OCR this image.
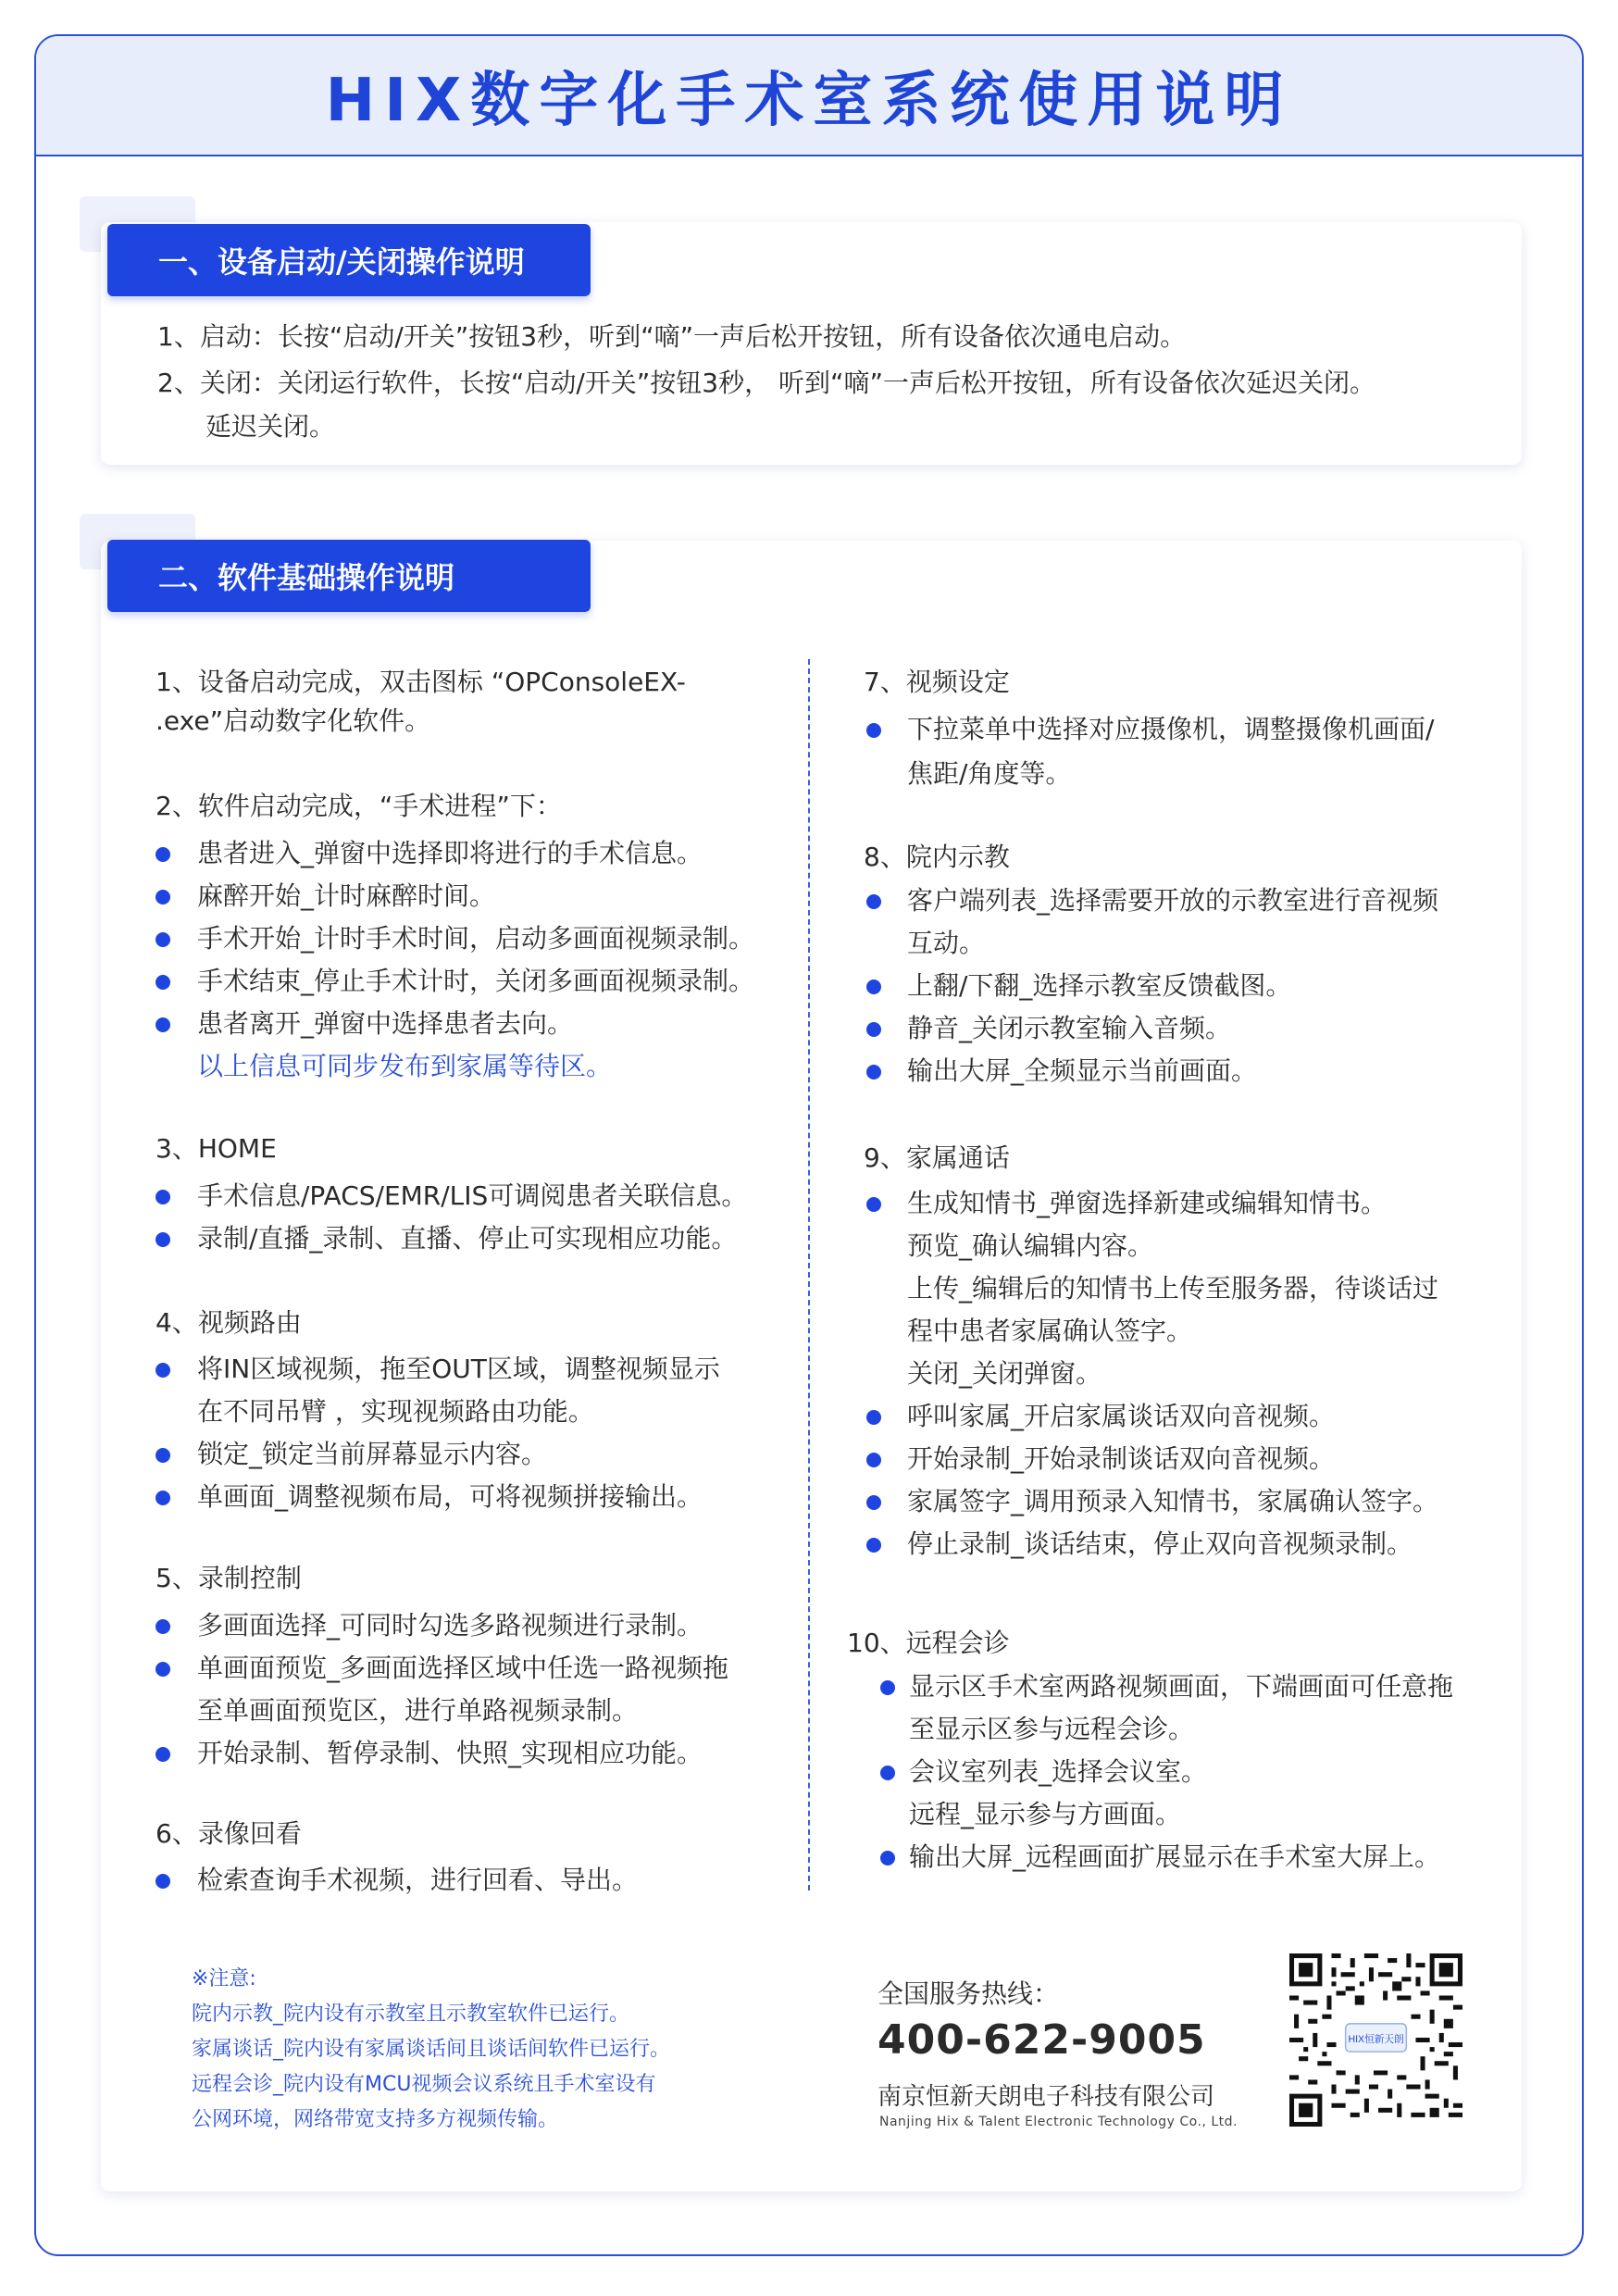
HIX数字化手术室系统使用说明
一、设备启动/关闭操作说明
1、启动：长按“启动/开关”按钮3秒，听到“嘀”一声后松开按钮，所有设备依次通电启动。
2、关闭：关闭运行软件，长按“启动/开关”按钮3秒， 听到“嘀”一声后松开按钮，所有设备依次延迟关闭。
延迟关闭。
二、软件基础操作说明
1、设备启动完成，双击图标 “OPConsoleEX-
.exe”启动数字化软件。
2、软件启动完成，“手术进程”下：
患者进入_弹窗中选择即将进行的手术信息。
麻醉开始_计时麻醉时间。
手术开始_计时手术时间，启动多画面视频录制。
手术结束_停止手术计时，关闭多画面视频录制。
患者离开_弹窗中选择患者去向。
以上信息可同步发布到家属等待区。
3、HOME
手术信息/PACS/EMR/LIS可调阅患者关联信息。
录制/直播_录制、直播、停止可实现相应功能。
4、视频路由
将IN区域视频，拖至OUT区域，调整视频显示
在不同吊臂 ，实现视频路由功能。
锁定_锁定当前屏幕显示内容。
单画面_调整视频布局，可将视频拼接输出。
5、录制控制
多画面选择_可同时勾选多路视频进行录制。
单画面预览_多画面选择区域中任选一路视频拖
至单画面预览区，进行单路视频录制。
开始录制、暂停录制、快照_实现相应功能。
6、录像回看
检索查询手术视频，进行回看、导出。
7、视频设定
下拉菜单中选择对应摄像机，调整摄像机画面/
焦距/角度等。
8、院内示教
客户端列表_选择需要开放的示教室进行音视频
互动。
上翻/下翻_选择示教室反馈截图。
静音_关闭示教室输入音频。
输出大屏_全频显示当前画面。
9、家属通话
生成知情书_弹窗选择新建或编辑知情书。
预览_确认编辑内容。
上传_编辑后的知情书上传至服务器，待谈话过
程中患者家属确认签字。
关闭_关闭弹窗。
呼叫家属_开启家属谈话双向音视频。
开始录制_开始录制谈话双向音视频。
家属签字_调用预录入知情书，家属确认签字。
停止录制_谈话结束，停止双向音视频录制。
10、远程会诊
显示区手术室两路视频画面，下端画面可任意拖
至显示区参与远程会诊。
会议室列表_选择会议室。
远程_显示参与方画面。
输出大屏_远程画面扩展显示在手术室大屏上。
※注意:
院内示教_院内设有示教室且示教室软件已运行。
家属谈话_院内设有家属谈话间且谈话间软件已运行。
远程会诊_院内设有MCU视频会议系统且手术室设有
公网环境，网络带宽支持多方视频传输。
全国服务热线：
400-622-9005
南京恒新天朗电子科技有限公司
Nanjing Hix & Talent Electronic Technology Co., Ltd.
HIX恒新天朗
